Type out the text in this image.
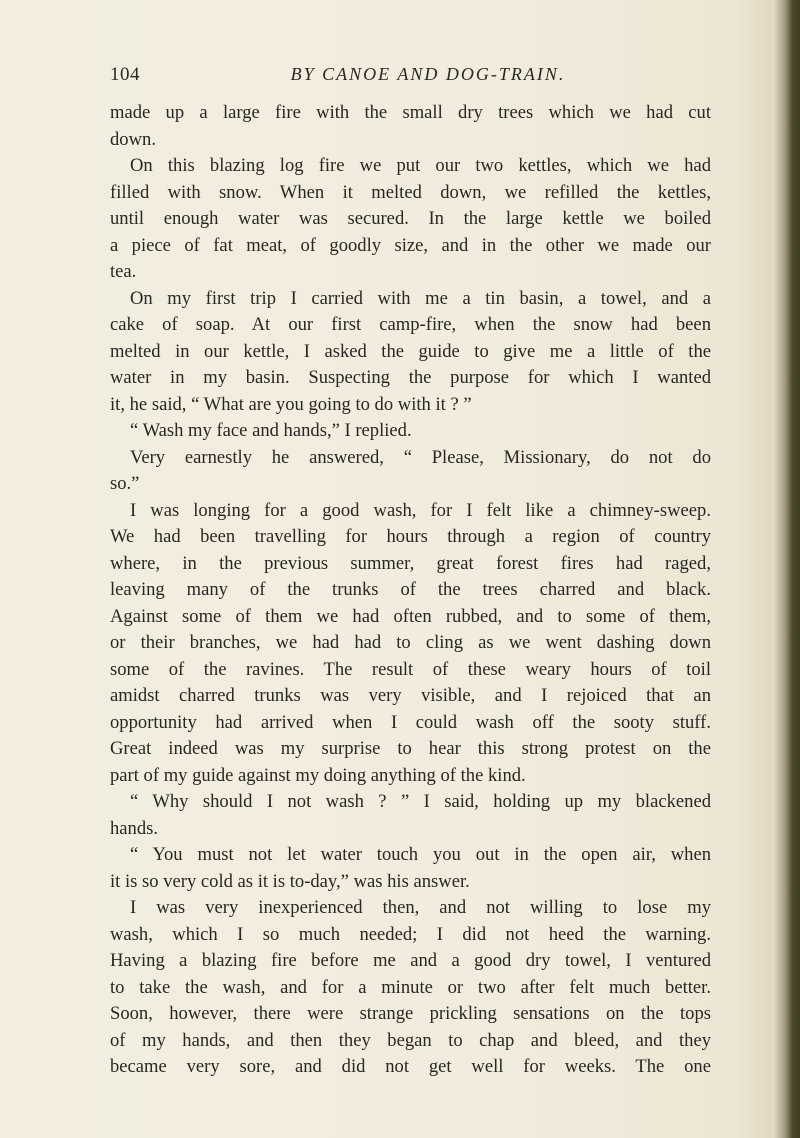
104	BY CANOE AND DOG-TRAIN.
made up a large fire with the small dry trees which we had cut
down.
On this blazing log fire we put our two kettles, which we had
filled with snow. When it melted down, we refilled the kettles,
until enough water was secured. In the large kettle we boiled
a piece of fat meat, of goodly size, and in the other we made our
tea.
On my first trip I carried with me a tin basin, a towel, and a
cake of soap. At our first camp-fire, when the snow had been
melted in our kettle, I asked the guide to give me a little of the
water in my basin. Suspecting the purpose for which I wanted
it, he said, “ What are you going to do with it ? ”
“ Wash my face and hands,” I replied.
Very earnestly he answered, “ Please, Missionary, do not do
so.”
I was longing for a good wash, for I felt like a chimney-sweep.
We had been travelling for hours through a region of country
where, in the previous summer, great forest fires had raged,
leaving many of the trunks of the trees charred and black.
Against some of them we had often rubbed, and to some of them,
or their branches, we had had to cling as we went dashing down
some of the ravines. The result of these weary hours of toil
amidst charred trunks was very visible, and I rejoiced that an
opportunity had arrived when I could wash off the sooty stuff.
Great indeed was my surprise to hear this strong protest on the
part of my guide against my doing anything of the kind.
“ Why should I not wash ? ” I said, holding up my blackened
hands.
“ You must not let water touch you out in the open air, when
it is so very cold as it is to-day,” was his answer.
I was very inexperienced then, and not willing to lose my
wash, which I so much needed; I did not heed the warning.
Having a blazing fire before me and a good dry towel, I ventured
to take the wash, and for a minute or two after felt much better.
Soon, however, there were strange prickling sensations on the tops
of my hands, and then they began to chap and bleed, and they
became very sore, and did not get well for weeks. The one
